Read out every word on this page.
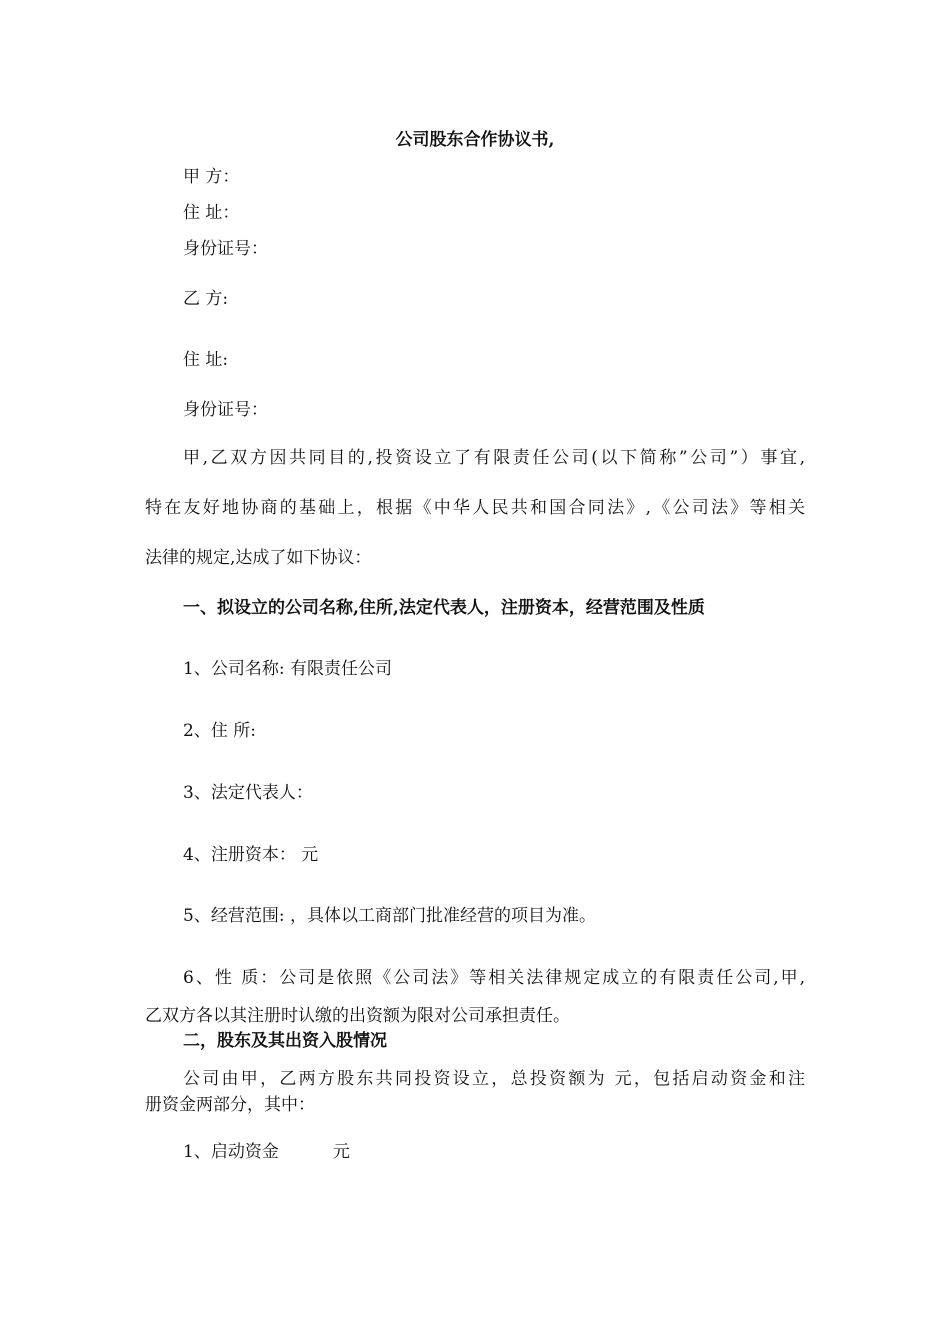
公司股东合作协议书,
甲 方：
住 址：
身份证号：
乙 方:
住 址:
身份证号：
甲,乙双方因共同目的,投资设立了有限责任公司(以下简称”公司”）事宜,
特在友好地协商的基础上，根据《中华人民共和国合同法》,《公司法》等相关
法律的规定,达成了如下协议：
一、拟设立的公司名称,住所,法定代表人，注册资本，经营范围及性质
1、公司名称: 有限责任公司
2、住 所:
3、法定代表人：
4、注册资本： 元
5、经营范围: ，具体以工商部门批准经营的项目为准。
6、性 质：公司是依照《公司法》等相关法律规定成立的有限责任公司,甲,
乙双方各以其注册时认缴的出资额为限对公司承担责任。
二，股东及其出资入股情况
公司由甲，乙两方股东共同投资设立，总投资额为 元，包括启动资金和注
册资金两部分，其中：
1、启动资金          元
